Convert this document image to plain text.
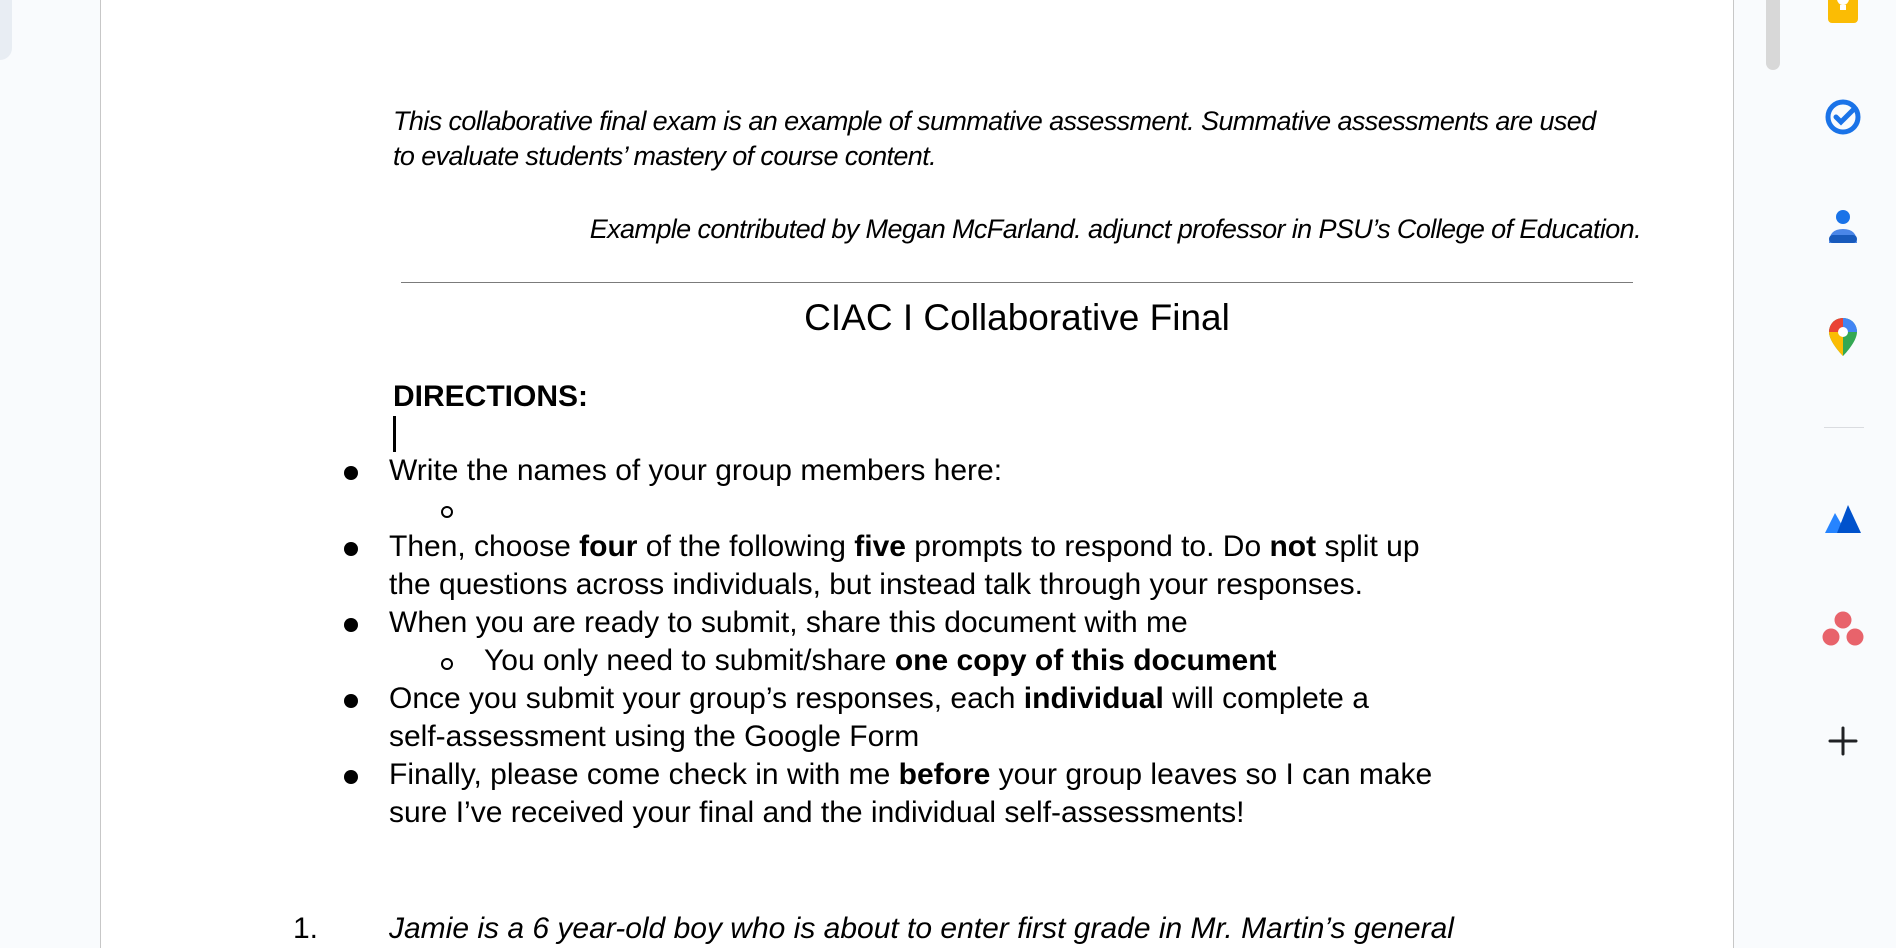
This collaborative final exam is an example of summative assessment. Summative assessments are used
to evaluate students’ mastery of course content.
Example contributed by Megan McFarland. adjunct professor in PSU’s College of Education.
CIAC I Collaborative Final
DIRECTIONS:
Write the names of your group members here:
Then, choose four of the following five prompts to respond to. Do not split up
the questions across individuals, but instead talk through your responses.
When you are ready to submit, share this document with me
You only need to submit/share one copy of this document
Once you submit your group’s responses, each individual will complete a
self-assessment using the Google Form
Finally, please come check in with me before your group leaves so I can make
sure I’ve received your final and the individual self-assessments!
1. Jamie is a 6 year-old boy who is about to enter first grade in Mr. Martin’s general
